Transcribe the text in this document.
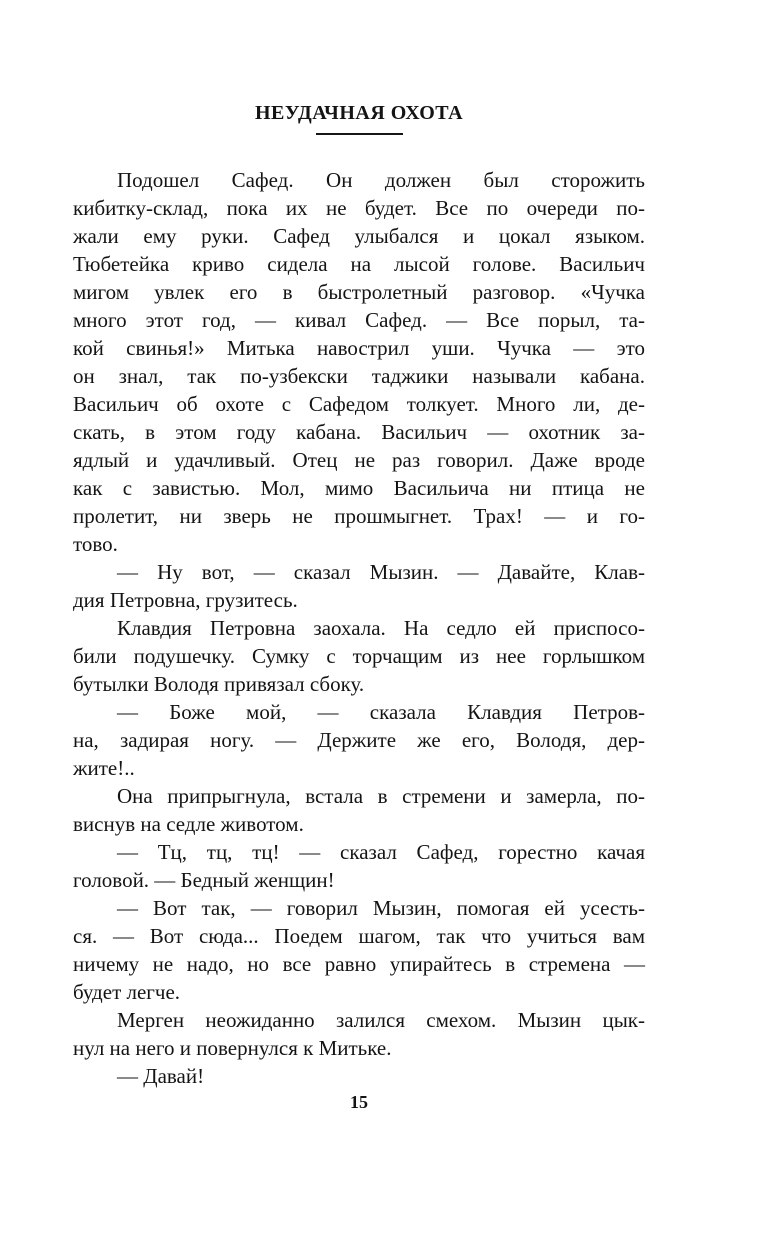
НЕУДАЧНАЯ ОХОТА

Подошел Сафед. Он должен был сторожить
кибитку-склад, пока их не будет. Все по очереди по-
жали ему руки. Сафед улыбался и цокал языком.
Тюбетейка криво сидела на лысой голове. Васильич
мигом увлек его в быстролетный разговор. «Чучка
много этот год, — кивал Сафед. — Все порыл, та-
кой свинья!» Митька навострил уши. Чучка — это
он знал, так по-узбекски таджики называли кабана.
Васильич об охоте с Сафедом толкует. Много ли, де-
скать, в этом году кабана. Васильич — охотник за-
ядлый и удачливый. Отец не раз говорил. Даже вроде
как с завистью. Мол, мимо Васильича ни птица не
пролетит, ни зверь не прошмыгнет. Трах! — и го-
тово.

— Ну вот, — сказал Мызин. — Давайте, Клав-
дия Петровна, грузитесь.

Клавдия Петровна заохала. На седло ей приспосо-
били подушечку. Сумку с торчащим из нее горлышком
бутылки Володя привязал сбоку.

— Боже мой, — сказала Клавдия Петров-
на, задирая ногу. — Держите же его, Володя, дер-
жите!..

Она припрыгнула, встала в стремени и замерла, по-
виснув на седле животом.

— Тц, тц, тц! — сказал Сафед, горестно качая
головой. — Бедный женщин!

— Вот так, — говорил Мызин, помогая ей усесть-
ся. — Вот сюда... Поедем шагом, так что учиться вам
ничему не надо, но все равно упирайтесь в стремена —
будет легче.

Мерген неожиданно залился смехом. Мызин цык-
нул на него и повернулся к Митьке.

— Давай!

15
